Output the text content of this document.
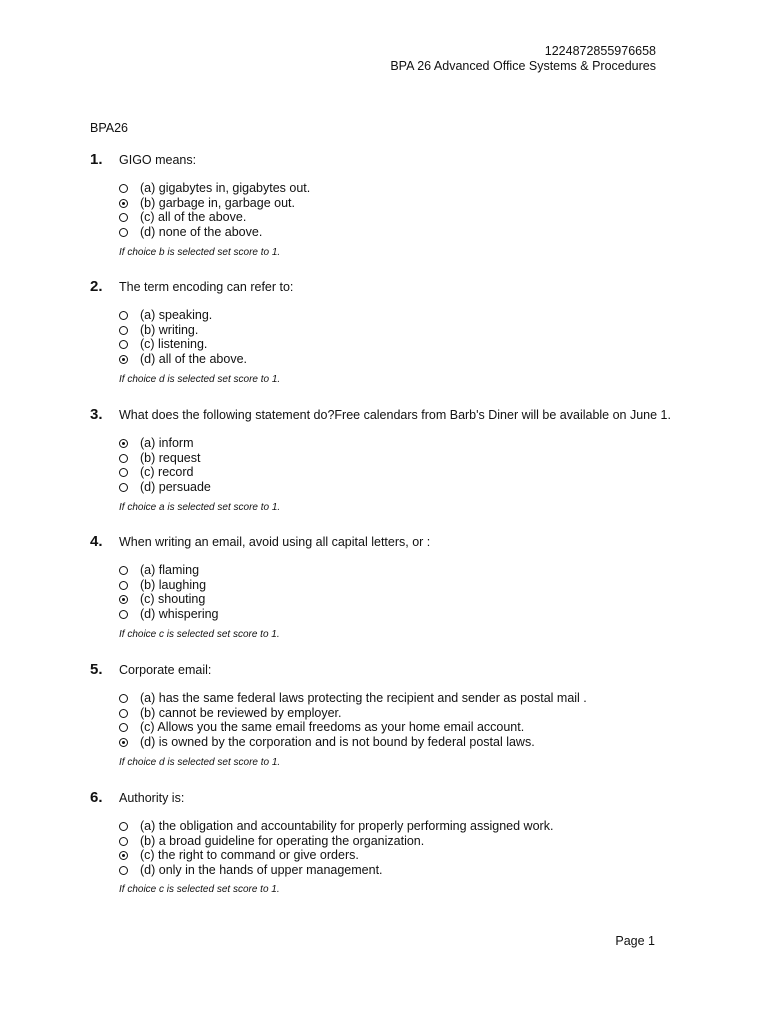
1224872855976658
BPA 26 Advanced Office Systems & Procedures
BPA26
1. GIGO means:
(a) gigabytes in, gigabytes out.
(b) garbage in, garbage out.
(c) all of the above.
(d) none of the above.
If choice b is selected set score to 1.
2. The term encoding can refer to:
(a) speaking.
(b) writing.
(c) listening.
(d) all of the above.
If choice d is selected set score to 1.
3. What does the following statement do?Free calendars from Barb's Diner will be available on June 1.
(a) inform
(b) request
(c) record
(d) persuade
If choice a is selected set score to 1.
4. When writing an email, avoid using all capital letters, or :
(a) flaming
(b) laughing
(c) shouting
(d) whispering
If choice c is selected set score to 1.
5. Corporate email:
(a) has the same federal laws protecting the recipient and sender as postal mail .
(b) cannot be reviewed by employer.
(c) Allows you the same email freedoms as your home email account.
(d) is owned by the corporation and is not bound by federal postal laws.
If choice d is selected set score to 1.
6. Authority is:
(a) the obligation and accountability for properly performing assigned work.
(b) a broad guideline for operating the organization.
(c) the right to command or give orders.
(d) only in the hands of upper management.
If choice c is selected set score to 1.
Page 1
